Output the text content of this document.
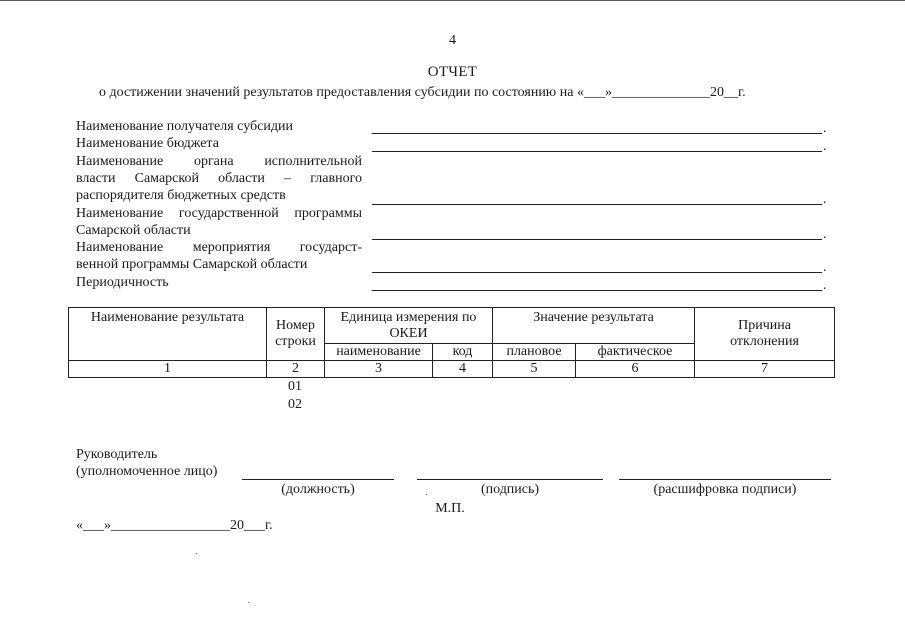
4
ОТЧЕТ
о достижении значений результатов предоставления субсидии по состоянию на «___»______________20__г.
Наименование получателя субсидии
Наименование бюджета
Наименование органа исполнительной
власти Самарской области – главного
распорядителя бюджетных средств
Наименование государственной программы
Самарской области
Наименование мероприятия государст-
венной программы Самарской области
Периодичность
.
.
.
.
.
.
Наименование результата	Номер строки	Единица измерения по ОКЕИ		Значение результата		Причина отклонения
		наименование	код	плановое	фактическое	
1	2	3	4	5	6	7
01
02
Руководитель
(уполномоченное лицо)
(должность)	(подпись)	(расшифровка подписи)
М.П.
«___»_________________20___г.
